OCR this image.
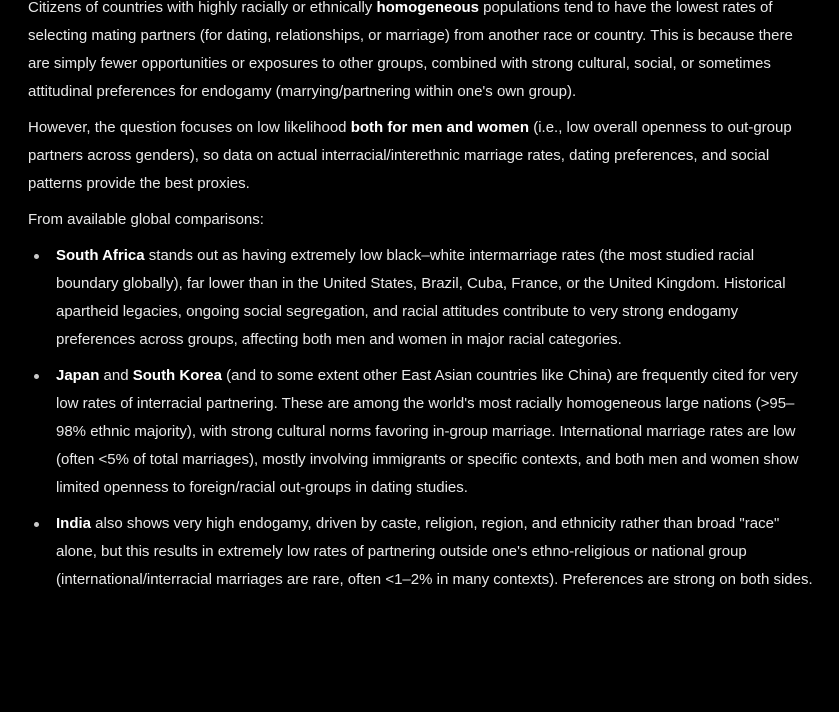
Citizens of countries with highly racially or ethnically homogeneous populations tend to have the lowest rates of selecting mating partners (for dating, relationships, or marriage) from another race or country. This is because there are simply fewer opportunities or exposures to other groups, combined with strong cultural, social, or sometimes attitudinal preferences for endogamy (marrying/partnering within one's own group).

However, the question focuses on low likelihood both for men and women (i.e., low overall openness to out-group partners across genders), so data on actual interracial/interethnic marriage rates, dating preferences, and social patterns provide the best proxies.

From available global comparisons:

South Africa stands out as having extremely low black–white intermarriage rates (the most studied racial boundary globally), far lower than in the United States, Brazil, Cuba, France, or the United Kingdom. Historical apartheid legacies, ongoing social segregation, and racial attitudes contribute to very strong endogamy preferences across groups, affecting both men and women in major racial categories.
Japan and South Korea (and to some extent other East Asian countries like China) are frequently cited for very low rates of interracial partnering. These are among the world's most racially homogeneous large nations (>95–98% ethnic majority), with strong cultural norms favoring in-group marriage. International marriage rates are low (often <5% of total marriages), mostly involving immigrants or specific contexts, and both men and women show limited openness to foreign/racial out-groups in dating studies.
India also shows very high endogamy, driven by caste, religion, region, and ethnicity rather than broad "race" alone, but this results in extremely low rates of partnering outside one's ethno-religious or national group (international/interracial marriages are rare, often <1–2% in many contexts). Preferences are strong on both sides.
